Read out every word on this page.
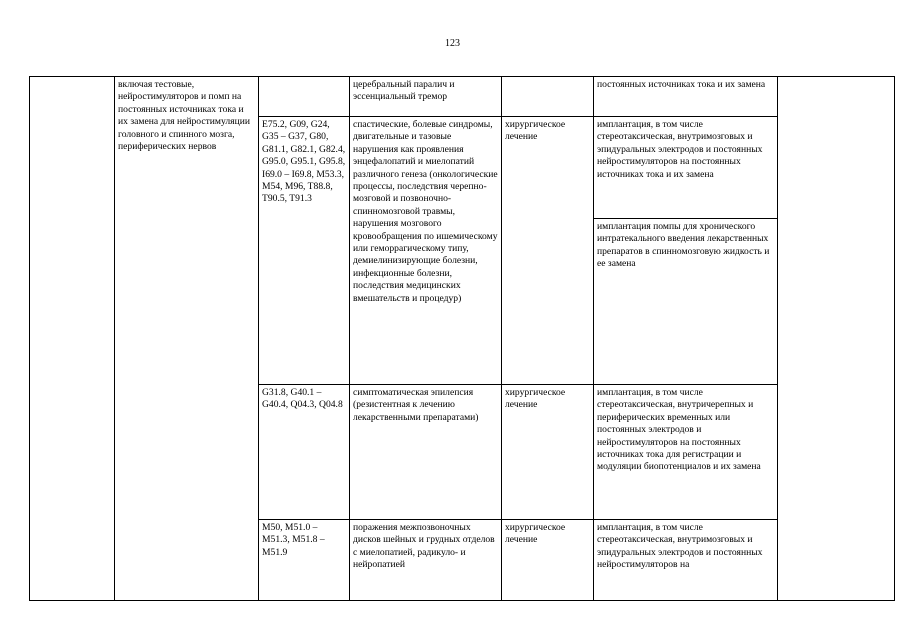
123

	включая тестовые, нейростимуляторов и помп на постоянных источниках тока и их замена для нейростимуляции головного и спинного мозга, периферических нервов		церебральный паралич и эссенциальный тремор		постоянных источниках тока и их замена	

		E75.2, G09, G24, G35 – G37, G80, G81.1, G82.1, G82.4, G95.0, G95.1, G95.8, I69.0 – I69.8, M53.3, M54, M96, T88.8, T90.5, T91.3	спастические, болевые синдромы, двигательные и тазовые нарушения как проявления энцефалопатий и миелопатий различного генеза (онкологические процессы, последствия черепно-мозговой и позвоночно-спинномозговой травмы, нарушения мозгового кровообращения по ишемическому или геморрагическому типу, демиелинизирующие болезни, инфекционные болезни, последствия медицинских вмешательств и процедур)	хирургическое лечение	имплантация, в том числе стереотаксическая, внутримозговых и эпидуральных электродов и постоянных нейростимуляторов на постоянных источниках тока и их замена	

					имплантация помпы для хронического интратекального введения лекарственных препаратов в спинномозговую жидкость и ее замена	

		G31.8, G40.1 – G40.4, Q04.3, Q04.8	симптоматическая эпилепсия (резистентная к лечению лекарственными препаратами)	хирургическое лечение	имплантация, в том числе стереотаксическая, внутричерепных и периферических временных или постоянных электродов и нейростимуляторов на постоянных источниках тока для регистрации и модуляции биопотенциалов и их замена	

		M50, M51.0 – M51.3, M51.8 – M51.9	поражения межпозвоночных дисков шейных и грудных отделов с миелопатией, радикуло- и нейропатией	хирургическое лечение	имплантация, в том числе стереотаксическая, внутримозговых и эпидуральных электродов и постоянных нейростимуляторов на	
